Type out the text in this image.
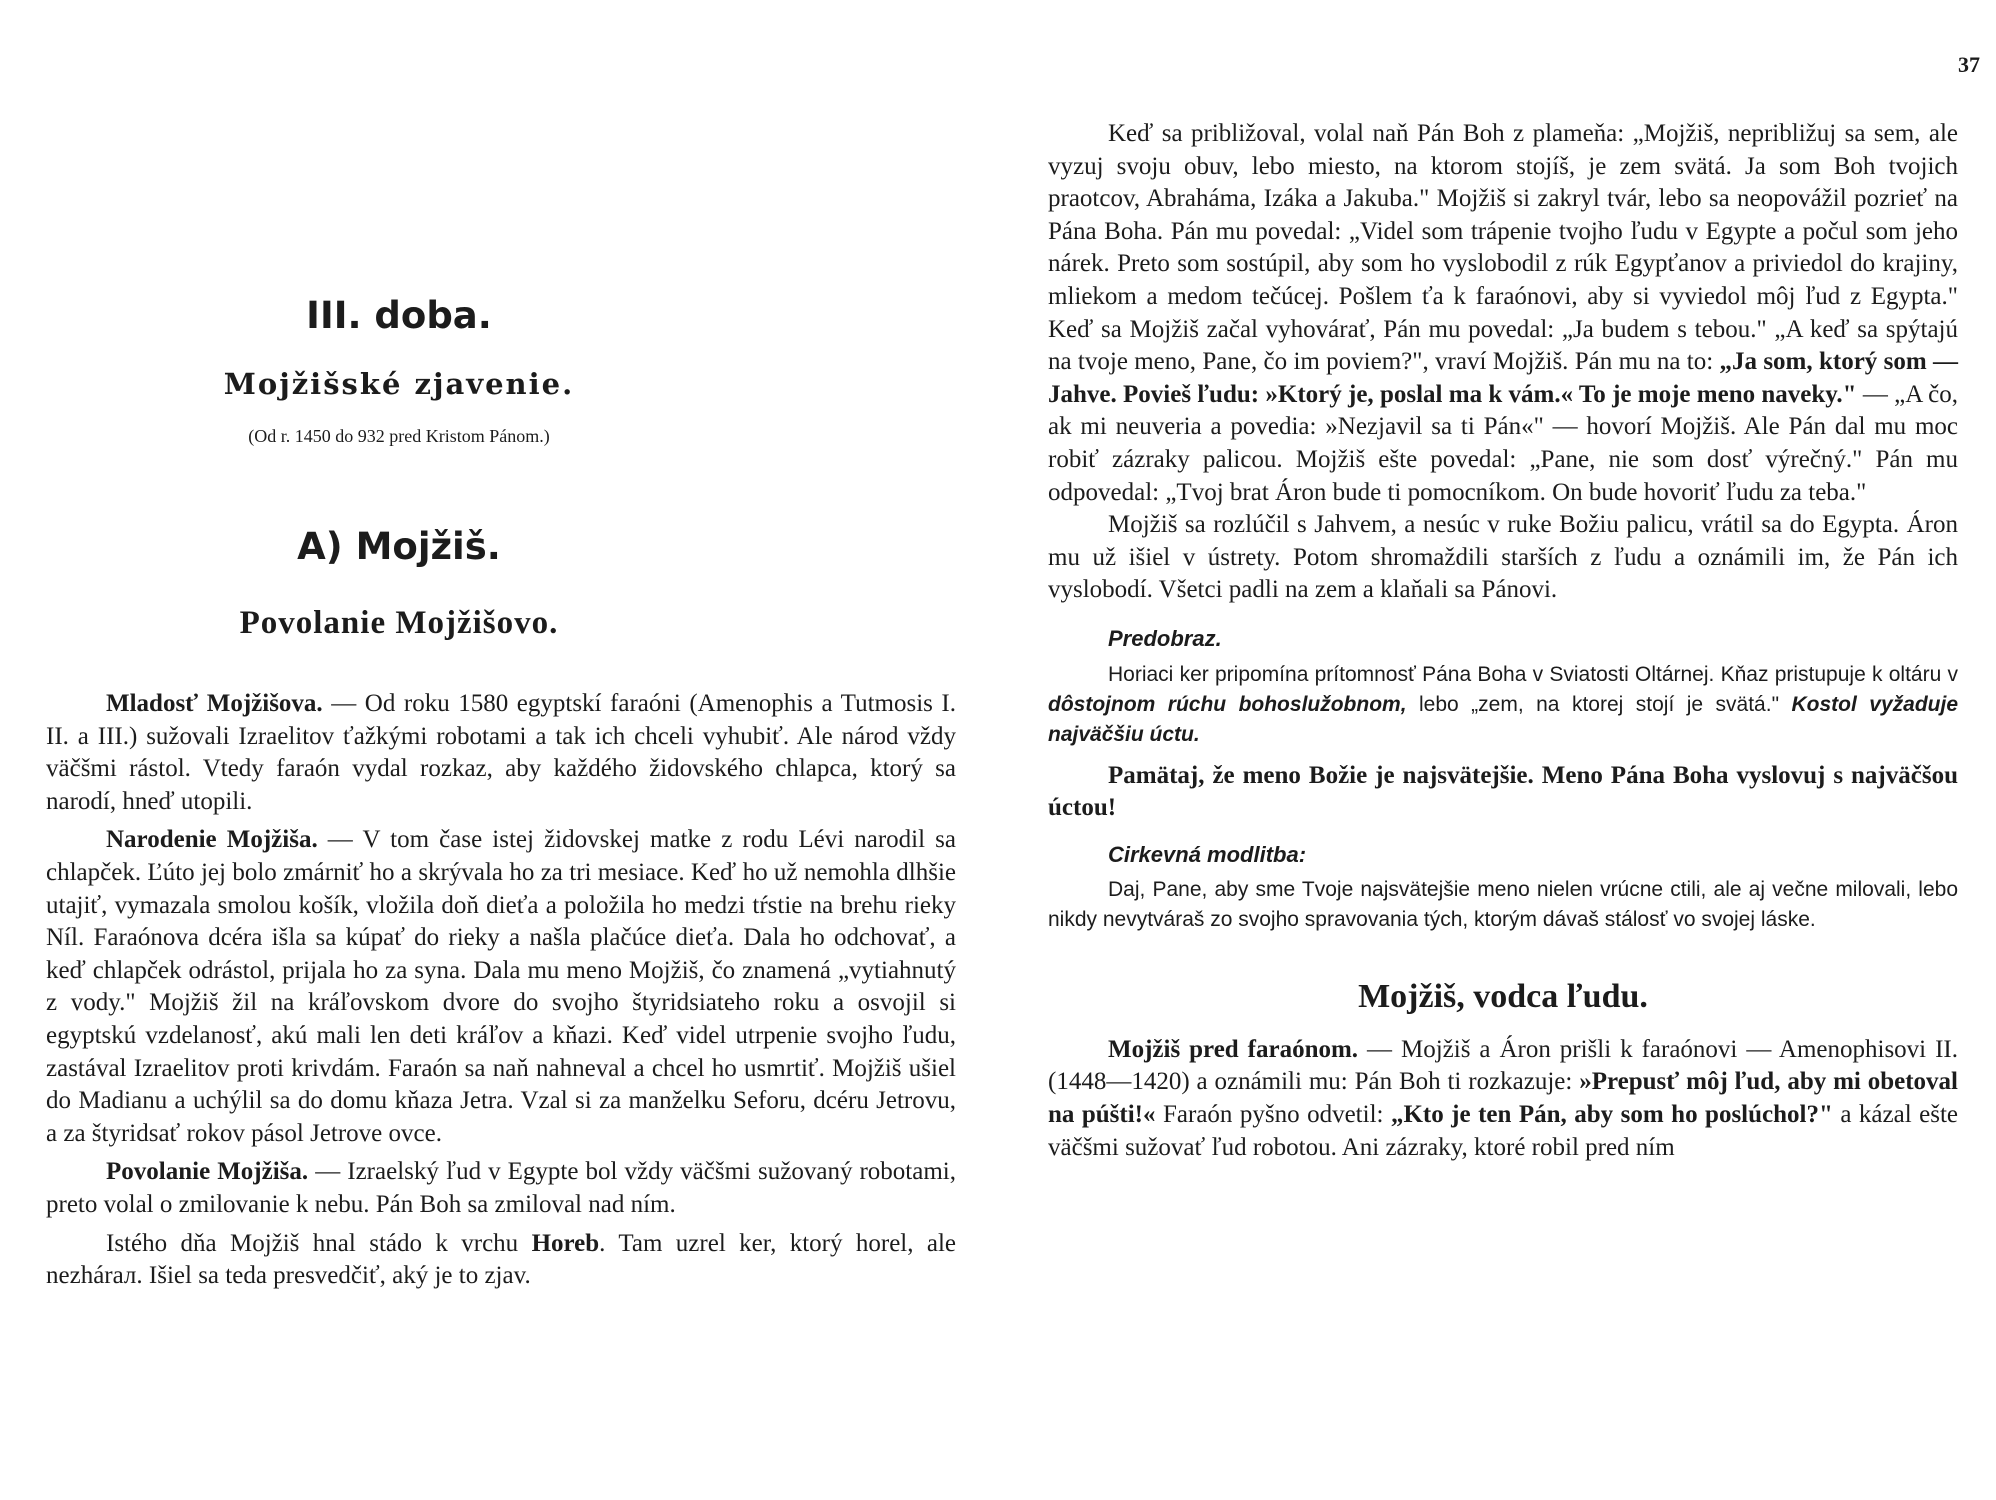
III. doba.
Mojžišské zjavenie.
(Od r. 1450 do 932 pred Kristom Pánom.)
A) Mojžiš.
Povolanie Mojžišovo.

Mladosť Mojžišova. — Od roku 1580 egyptskí faraóni (Amenophis a Tutmosis I. II. a III.) sužovali Izraelitov ťažkými robotami a tak ich chceli vyhubiť. Ale národ vždy väčšmi rástol. Vtedy faraón vydal rozkaz, aby každého židovského chlapca, ktorý sa narodí, hneď utopili.

Narodenie Mojžiša. — V tom čase istej židovskej matke z rodu Lévi narodil sa chlapček. Ľúto jej bolo zmárniť ho a skrývala ho za tri mesiace. Keď ho už nemohla dlhšie utajiť, vymazala smolou košík, vložila doň dieťa a položila ho medzi tŕstie na brehu rieky Níl. Faraónova dcéra išla sa kúpať do rieky a našla plačúce dieťa. Dala ho odchovať, a keď chlapček odrástol, prijala ho za syna. Dala mu meno Mojžiš, čo znamená „vytiahnutý z vody." Mojžiš žil na kráľovskom dvore do svojho štyridsiateho roku a osvojil si egyptskú vzdelanosť, akú mali len deti kráľov a kňazi. Keď videl utrpenie svojho ľudu, zastával Izraelitov proti krivdám. Faraón sa naň nahneval a chcel ho usmrtiť. Mojžiš ušiel do Madianu a uchýlil sa do domu kňaza Jetra. Vzal si za manželku Seforu, dcéru Jetrovu, a za štyridsať rokov pásol Jetrove ovce.

Povolanie Mojžiša. — Izraelský ľud v Egypte bol vždy väčšmi sužovaný robotami, preto volal o zmilovanie k nebu. Pán Boh sa zmiloval nad ním.

Istého dňa Mojžiš hnal stádo k vrchu Horeb. Tam uzrel ker, ktorý horel, ale nezhárал. Išiel sa teda presvedčiť, aký je to zjav.

37

Keď sa približoval, volal naň Pán Boh z plameňa: „Mojžiš, nepribližuj sa sem, ale vyzuj svoju obuv, lebo miesto, na ktorom stojíš, je zem svätá. Ja som Boh tvojich praotcov, Abraháma, Izáka a Jakuba." Mojžiš si zakryl tvár, lebo sa neopovážil pozrieť na Pána Boha. Pán mu povedal: „Videl som trápenie tvojho ľudu v Egypte a počul som jeho nárek. Preto som sostúpil, aby som ho vyslobodil z rúk Egypťanov a priviedol do krajiny, mliekom a medom tečúcej. Pošlem ťa k faraónovi, aby si vyviedol môj ľud z Egypta." Keď sa Mojžiš začal vyhovárať, Pán mu povedal: „Ja budem s tebou." „A keď sa spýtajú na tvoje meno, Pane, čo im poviem?", vraví Mojžiš. Pán mu na to: „Ja som, ktorý som — Jahve. Povieš ľudu: »Ktorý je, poslal ma k vám.« To je moje meno naveky." — „A čo, ak mi neuveria a povedia: »Nezjavil sa ti Pán«" — hovorí Mojžiš. Ale Pán dal mu moc robiť zázraky palicou. Mojžiš ešte povedal: „Pane, nie som dosť výrečný." Pán mu odpovedal: „Tvoj brat Áron bude ti pomocníkom. On bude hovoriť ľudu za teba."

Mojžiš sa rozlúčil s Jahvem, a nesúc v ruke Božiu palicu, vrátil sa do Egypta. Áron mu už išiel v ústrety. Potom shromaždili starších z ľudu a oznámili im, že Pán ich vyslobodí. Všetci padli na zem a klaňali sa Pánovi.

Predobraz.

Horiaci ker pripomína prítomnosť Pána Boha v Sviatosti Oltárnej. Kňaz pristupuje k oltáru v dôstojnom rúchu bohoslužobnom, lebo „zem, na ktorej stojí je svätá." Kostol vyžaduje najväčšiu úctu.

Pamätaj, že meno Božie je najsvätejšie. Meno Pána Boha vyslovuj s najväčšou úctou!

Cirkevná modlitba:

Daj, Pane, aby sme Tvoje najsvätejšie meno nielen vrúcne ctili, ale aj večne milovali, lebo nikdy nevytváraš zo svojho spravovania tých, ktorým dávaš stálosť vo svojej láske.

Mojžiš, vodca ľudu.

Mojžiš pred faraónom. — Mojžiš a Áron prišli k faraónovi — Amenophisovi II. (1448—1420) a oznámili mu: Pán Boh ti rozkazuje: »Prepusť môj ľud, aby mi obetoval na púšti!« Faraón pyšno odvetil: „Kto je ten Pán, aby som ho poslúchol?" a kázal ešte väčšmi sužovať ľud robotou. Ani zázraky, ktoré robil pred ním
